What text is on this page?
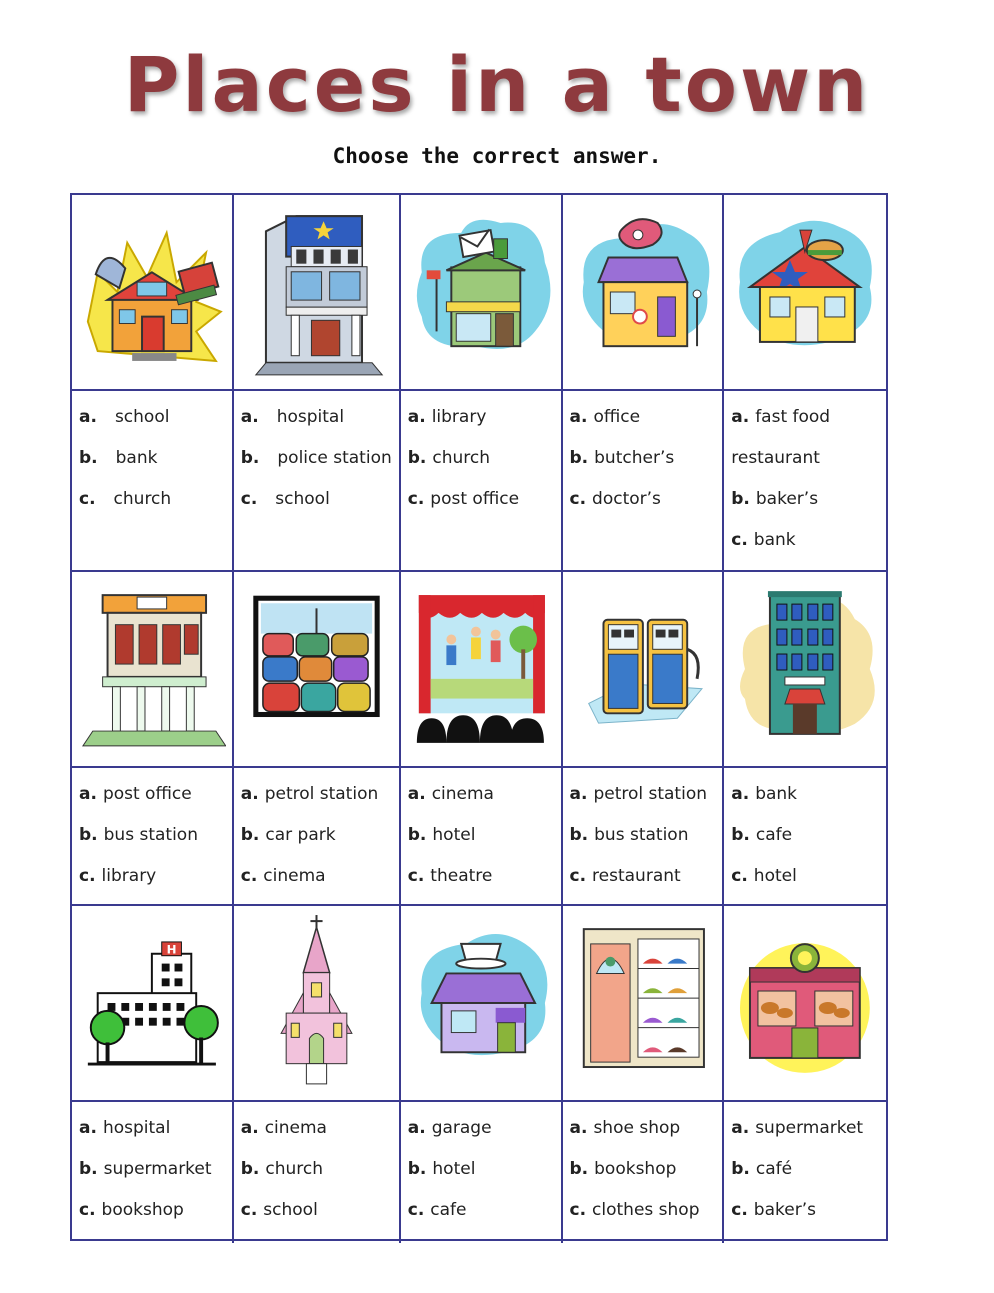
Places in a town
Choose the correct answer.
a. school
b. bank
c. church
a. hospital
b. police station
c. school
a. library
b. church
c. post office
a. office
b. butcher’s
c. doctor’s
a. fast food restaurant
b. baker’s
c. bank
a. post office
b. bus station
c. library
a. petrol station
b. car park
c. cinema
a. cinema
b. hotel
c. theatre
a. petrol station
b. bus station
c. restaurant
a. bank
b. cafe
c. hotel
H
a. hospital
b. supermarket
c. bookshop
a. cinema
b. church
c. school
a. garage
b. hotel
c. cafe
a. shoe shop
b. bookshop
c. clothes shop
a. supermarket
b. café
c. baker’s
